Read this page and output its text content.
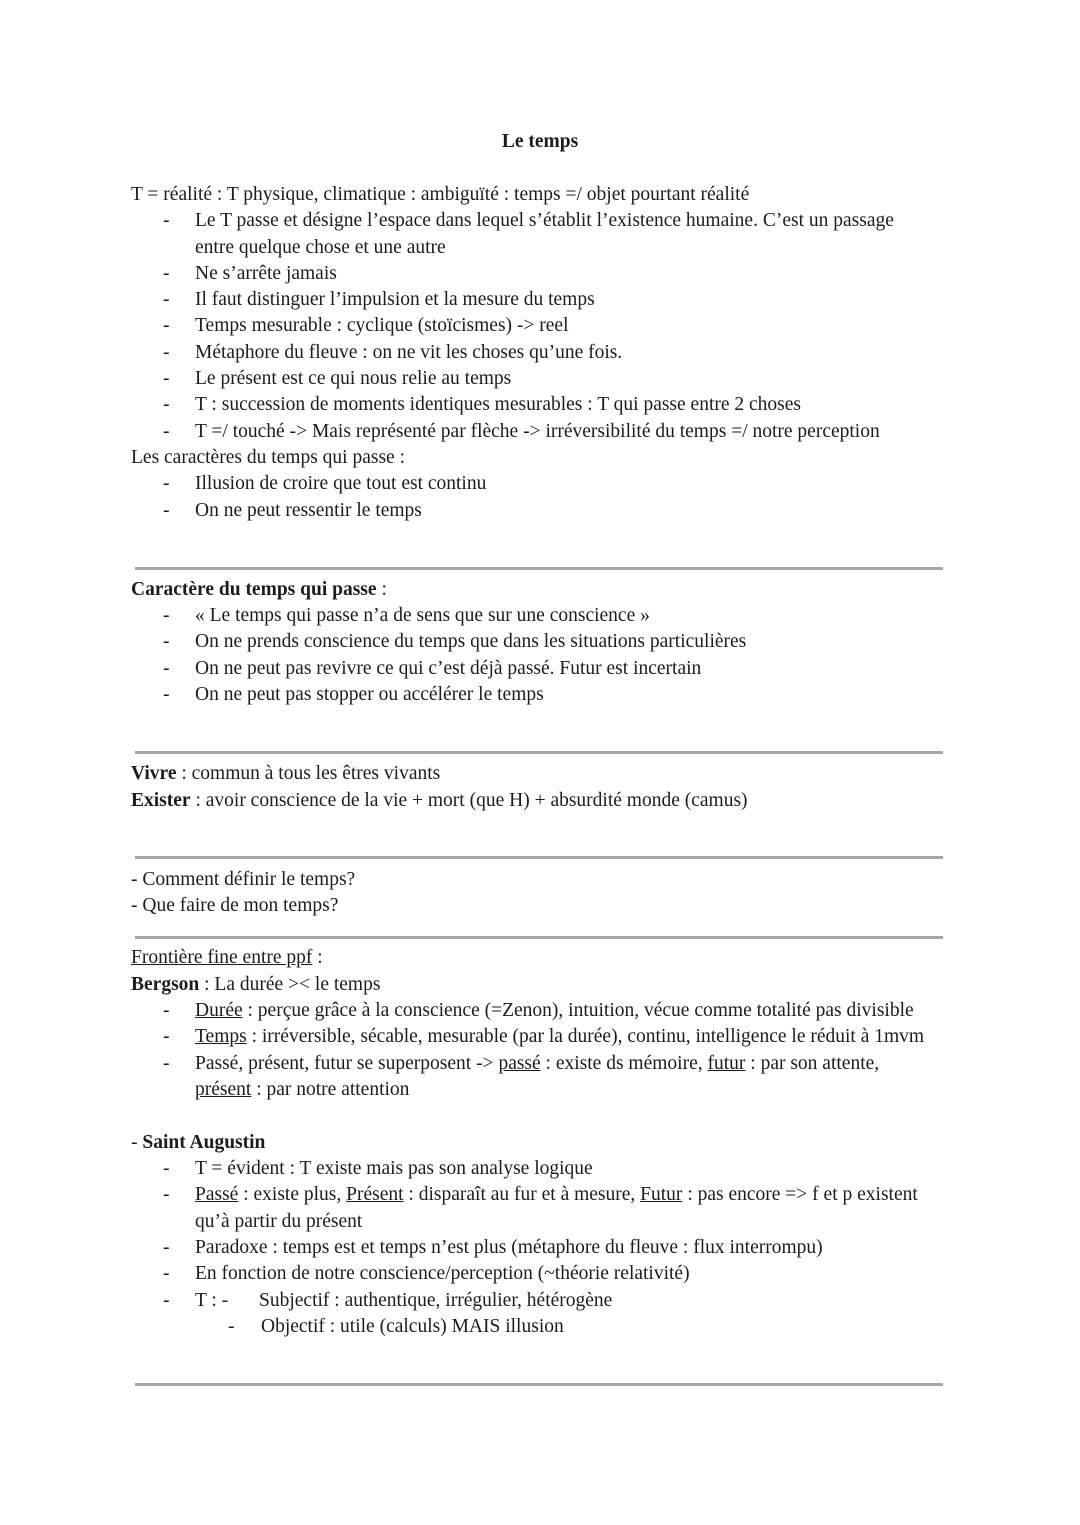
Le temps
T = réalité : T physique, climatique : ambiguïté : temps =/ objet pourtant réalité
- Le T passe et désigne l’espace dans lequel s’établit l’existence humaine. C’est un passage
entre quelque chose et une autre
- Ne s’arrête jamais
- Il faut distinguer l’impulsion et la mesure du temps
- Temps mesurable : cyclique (stoïcismes) -> reel
- Métaphore du fleuve : on ne vit les choses qu’une fois.
- Le présent est ce qui nous relie au temps
- T : succession de moments identiques mesurables : T qui passe entre 2 choses
- T =/ touché -> Mais représenté par flèche -> irréversibilité du temps =/ notre perception
Les caractères du temps qui passe :
- Illusion de croire que tout est continu
- On ne peut ressentir le temps
Caractère du temps qui passe :
- « Le temps qui passe n’a de sens que sur une conscience »
- On ne prends conscience du temps que dans les situations particulières
- On ne peut pas revivre ce qui c’est déjà passé. Futur est incertain
- On ne peut pas stopper ou accélérer le temps
Vivre : commun à tous les êtres vivants
Exister : avoir conscience de la vie + mort (que H) + absurdité monde (camus)
- Comment définir le temps?
- Que faire de mon temps?
Frontière fine entre ppf :
Bergson : La durée >< le temps
- Durée : perçue grâce à la conscience (=Zenon), intuition, vécue comme totalité pas divisible
- Temps : irréversible, sécable, mesurable (par la durée), continu, intelligence le réduit à 1mvm
- Passé, présent, futur se superposent -> passé : existe ds mémoire, futur : par son attente,
présent : par notre attention
- Saint Augustin
- T = évident : T existe mais pas son analyse logique
- Passé : existe plus, Présent : disparaît au fur et à mesure, Futur : pas encore => f et p existent
qu’à partir du présent
- Paradoxe : temps est et temps n’est plus (métaphore du fleuve : flux interrompu)
- En fonction de notre conscience/perception (~théorie relativité)
- T : - Subjectif : authentique, irrégulier, hétérogène
- Objectif : utile (calculs) MAIS illusion
